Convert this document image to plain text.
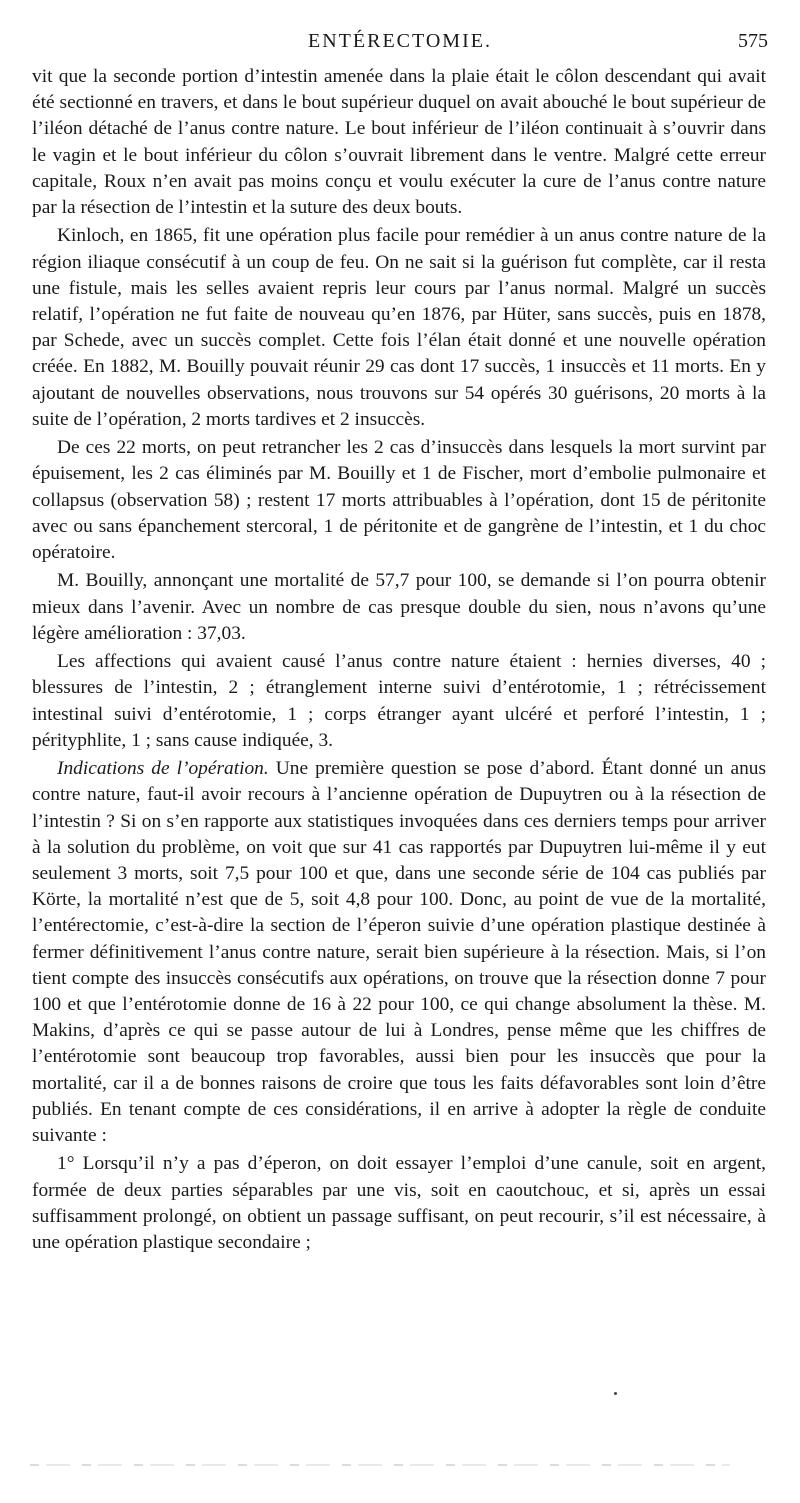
ENTÉRECTOMIE.	575

vit que la seconde portion d’intestin amenée dans la plaie était le côlon descendant qui avait été sectionné en travers, et dans le bout supérieur duquel on avait abouché le bout supérieur de l’iléon détaché de l’anus contre nature. Le bout inférieur de l’iléon continuait à s’ouvrir dans le vagin et le bout inférieur du côlon s’ouvrait librement dans le ventre. Malgré cette erreur capitale, Roux n’en avait pas moins conçu et voulu exécuter la cure de l’anus contre nature par la résection de l’intestin et la suture des deux bouts.

Kinloch, en 1865, fit une opération plus facile pour remédier à un anus contre nature de la région iliaque consécutif à un coup de feu. On ne sait si la guérison fut complète, car il resta une fistule, mais les selles avaient repris leur cours par l’anus normal. Malgré un succès relatif, l’opération ne fut faite de nouveau qu’en 1876, par Hüter, sans succès, puis en 1878, par Schede, avec un succès complet. Cette fois l’élan était donné et une nouvelle opération créée. En 1882, M. Bouilly pouvait réunir 29 cas dont 17 succès, 1 insuccès et 11 morts. En y ajoutant de nouvelles observations, nous trouvons sur 54 opérés 30 guérisons, 20 morts à la suite de l’opération, 2 morts tardives et 2 insuccès.

De ces 22 morts, on peut retrancher les 2 cas d’insuccès dans lesquels la mort survint par épuisement, les 2 cas éliminés par M. Bouilly et 1 de Fischer, mort d’embolie pulmonaire et collapsus (observation 58) ; restent 17 morts attribuables à l’opération, dont 15 de péritonite avec ou sans épanchement stercoral, 1 de péritonite et de gangrène de l’intestin, et 1 du choc opératoire.

M. Bouilly, annonçant une mortalité de 57,7 pour 100, se demande si l’on pourra obtenir mieux dans l’avenir. Avec un nombre de cas presque double du sien, nous n’avons qu’une légère amélioration : 37,03.

Les affections qui avaient causé l’anus contre nature étaient : hernies diverses, 40 ; blessures de l’intestin, 2 ; étranglement interne suivi d’entérotomie, 1 ; rétrécissement intestinal suivi d’entérotomie, 1 ; corps étranger ayant ulcéré et perforé l’intestin, 1 ; pérityphlite, 1 ; sans cause indiquée, 3.

Indications de l’opération. Une première question se pose d’abord. Étant donné un anus contre nature, faut-il avoir recours à l’ancienne opération de Dupuytren ou à la résection de l’intestin ? Si on s’en rapporte aux statistiques invoquées dans ces derniers temps pour arriver à la solution du problème, on voit que sur 41 cas rapportés par Dupuytren lui-même il y eut seulement 3 morts, soit 7,5 pour 100 et que, dans une seconde série de 104 cas publiés par Körte, la mortalité n’est que de 5, soit 4,8 pour 100. Donc, au point de vue de la mortalité, l’entérectomie, c’est-à-dire la section de l’éperon suivie d’une opération plastique destinée à fermer définitivement l’anus contre nature, serait bien supérieure à la résection. Mais, si l’on tient compte des insuccès consécutifs aux opérations, on trouve que la résection donne 7 pour 100 et que l’entérotomie donne de 16 à 22 pour 100, ce qui change absolument la thèse. M. Makins, d’après ce qui se passe autour de lui à Londres, pense même que les chiffres de l’entérotomie sont beaucoup trop favorables, aussi bien pour les insuccès que pour la mortalité, car il a de bonnes raisons de croire que tous les faits défavorables sont loin d’être publiés. En tenant compte de ces considérations, il en arrive à adopter la règle de conduite suivante :

1° Lorsqu’il n’y a pas d’éperon, on doit essayer l’emploi d’une canule, soit en argent, formée de deux parties séparables par une vis, soit en caoutchouc, et si, après un essai suffisamment prolongé, on obtient un passage suffisant, on peut recourir, s’il est nécessaire, à une opération plastique secondaire ;
